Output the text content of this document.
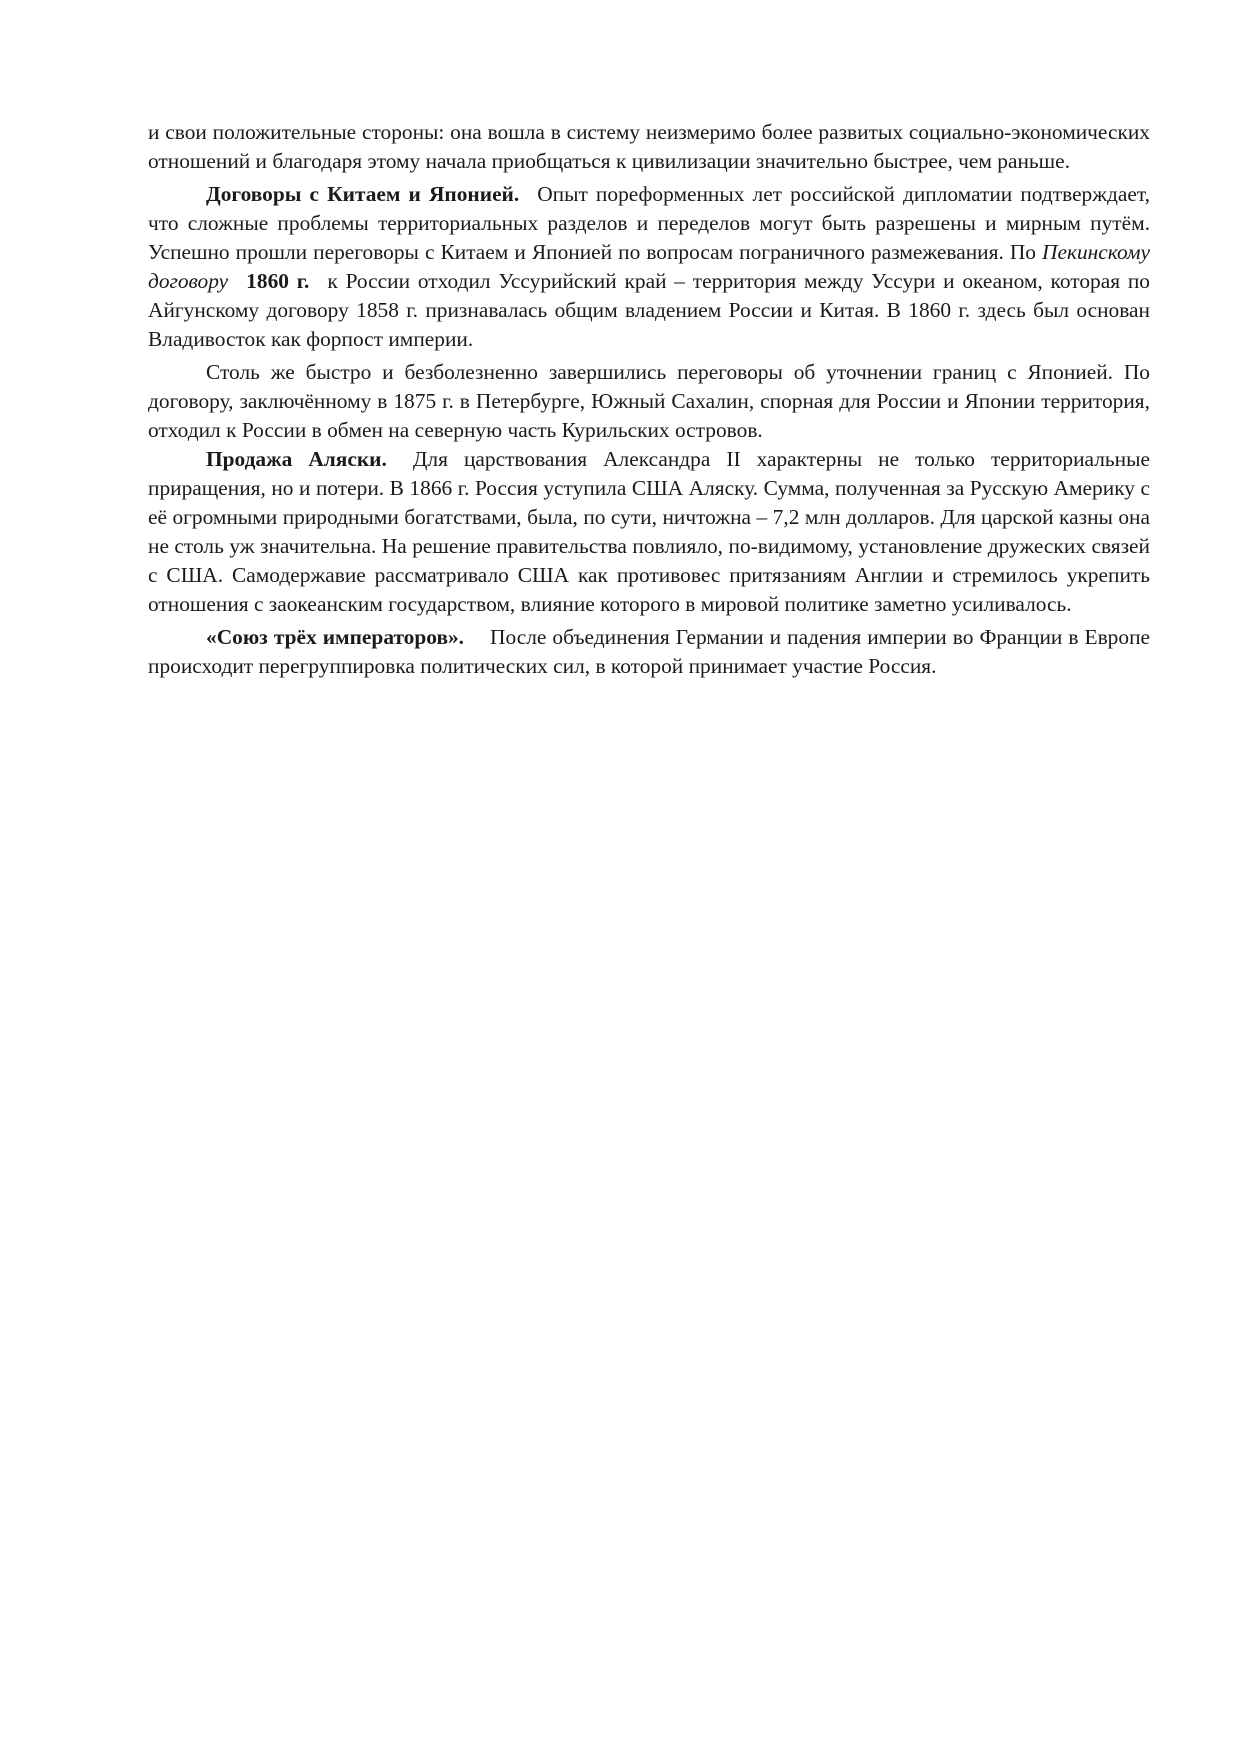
и свои положительные стороны: она вошла в систему неизмеримо более развитых социально-экономических отношений и благодаря этому начала приобщаться к цивилизации значительно быстрее, чем раньше.

Договоры с Китаем и Японией. Опыт пореформенных лет российской дипломатии подтверждает, что сложные проблемы территориальных разделов и переделов могут быть разрешены и мирным путём. Успешно прошли переговоры с Китаем и Японией по вопросам пограничного размежевания. По Пекинскому договору 1860 г. к России отходил Уссурийский край – территория между Уссури и океаном, которая по Айгунскому договору 1858 г. признавалась общим владением России и Китая. В 1860 г. здесь был основан Владивосток как форпост империи.

Столь же быстро и безболезненно завершились переговоры об уточнении границ с Японией. По договору, заключённому в 1875 г. в Петербурге, Южный Сахалин, спорная для России и Японии территория, отходил к России в обмен на северную часть Курильских островов.

Продажа Аляски. Для царствования Александра II характерны не только территориальные приращения, но и потери. В 1866 г. Россия уступила США Аляску. Сумма, полученная за Русскую Америку с её огромными природными богатствами, была, по сути, ничтожна – 7,2 млн долларов. Для царской казны она не столь уж значительна. На решение правительства повлияло, по-видимому, установление дружеских связей с США. Самодержавие рассматривало США как противовес притязаниям Англии и стремилось укрепить отношения с заокеанским государством, влияние которого в мировой политике заметно усиливалось.

«Союз трёх императоров». После объединения Германии и падения империи во Франции в Европе происходит перегруппировка политических сил, в которой принимает участие Россия.
